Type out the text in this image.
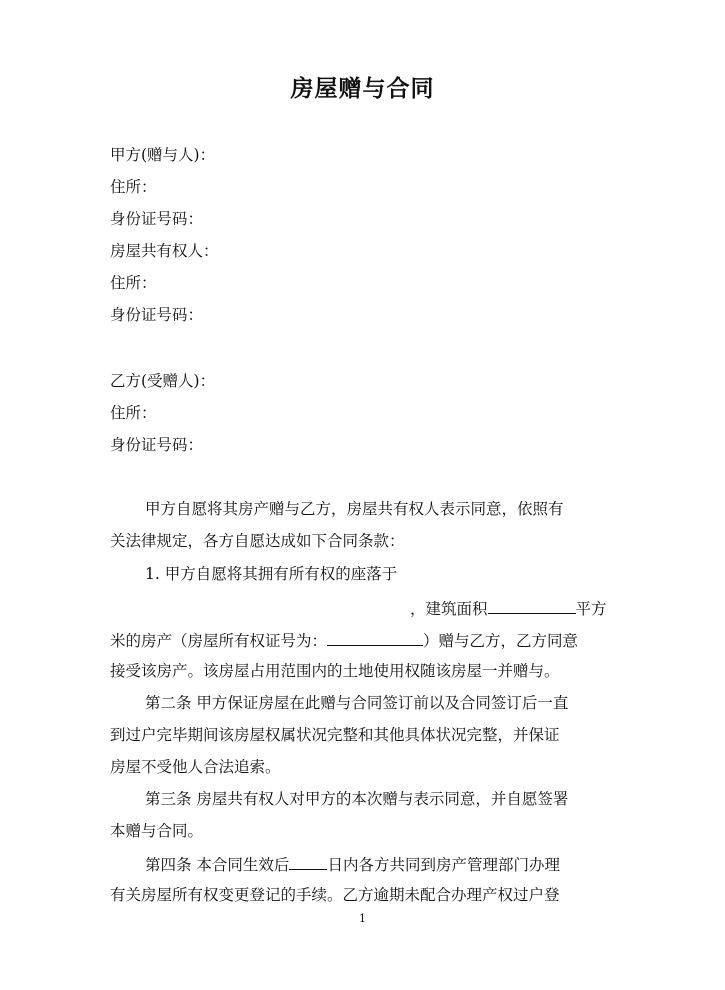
房屋赠与合同
甲方(赠与人)：
住所：
身份证号码：
房屋共有权人：
住所：
身份证号码：
乙方(受赠人)：
住所：
身份证号码：
甲方自愿将其房产赠与乙方，房屋共有权人表示同意，依照有
关法律规定，各方自愿达成如下合同条款：
1. 甲方自愿将其拥有所有权的座落于
，建筑面积	平方
米的房产（房屋所有权证号为：	）赠与乙方，乙方同意
接受该房产。该房屋占用范围内的土地使用权随该房屋一并赠与。
第二条 甲方保证房屋在此赠与合同签订前以及合同签订后一直
到过户完毕期间该房屋权属状况完整和其他具体状况完整，并保证
房屋不受他人合法追索。
第三条 房屋共有权人对甲方的本次赠与表示同意，并自愿签署
本赠与合同。
第四条 本合同生效后 日内各方共同到房产管理部门办理
有关房屋所有权变更登记的手续。乙方逾期未配合办理产权过户登
1
